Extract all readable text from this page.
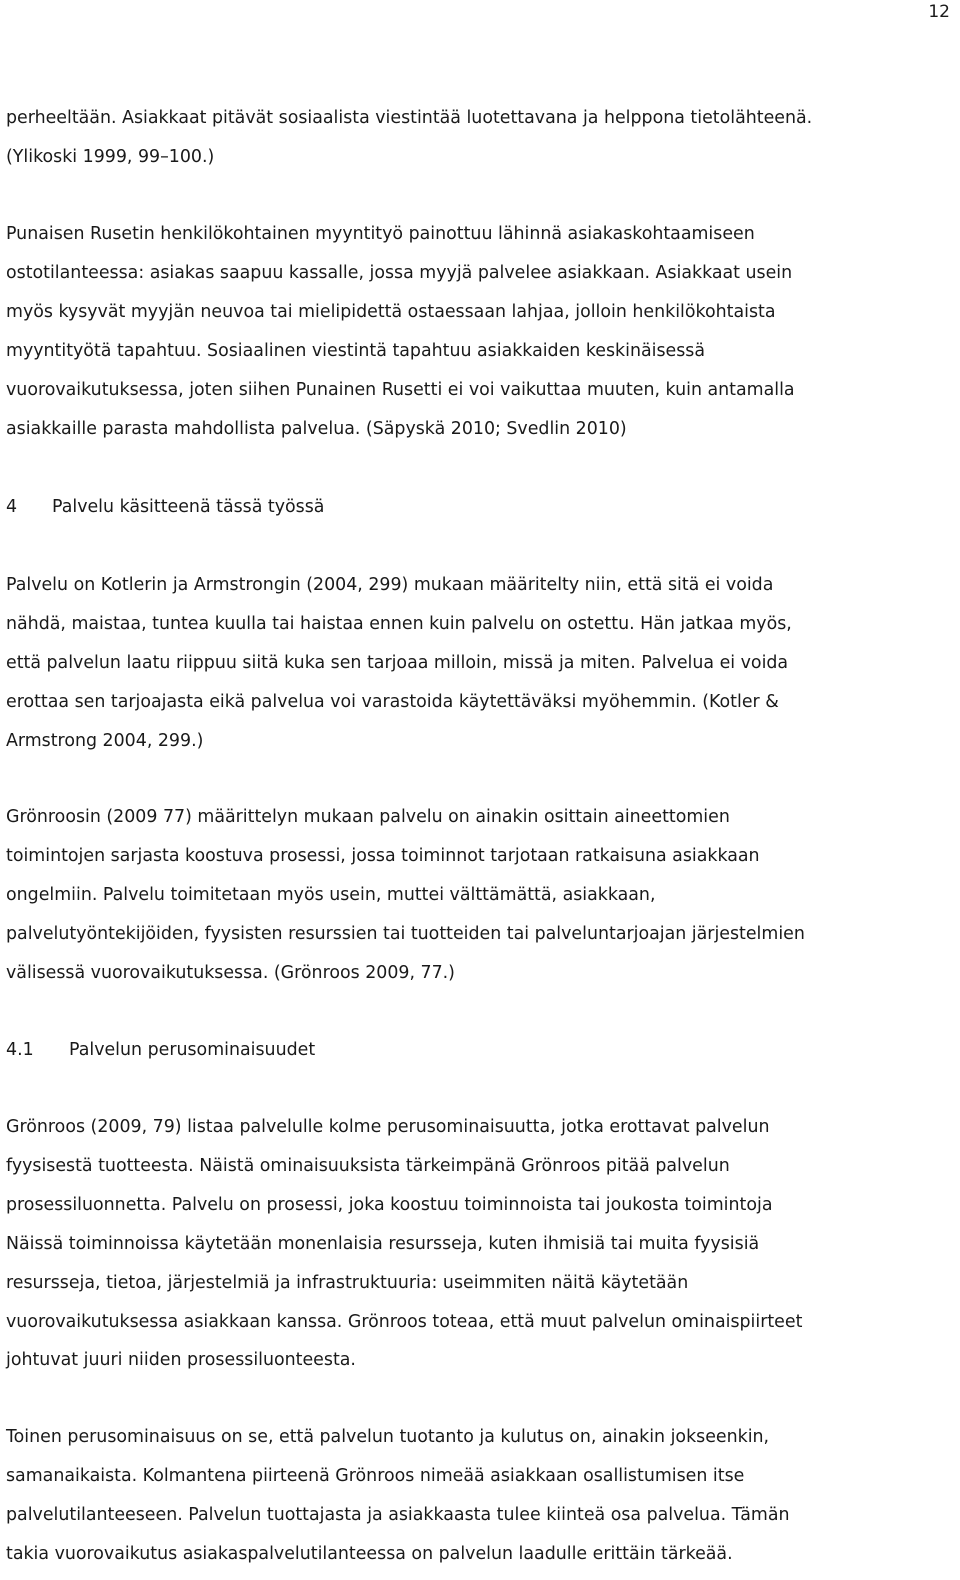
12

perheeltään. Asiakkaat pitävät sosiaalista viestintää luotettavana ja helppona tietolähteenä.
(Ylikoski 1999, 99–100.)

Punaisen Rusetin henkilökohtainen myyntityö painottuu lähinnä asiakaskohtaamiseen
ostotilanteessa: asiakas saapuu kassalle, jossa myyjä palvelee asiakkaan. Asiakkaat usein
myös kysyvät myyjän neuvoa tai mielipidettä ostaessaan lahjaa, jolloin henkilökohtaista
myyntityötä tapahtuu. Sosiaalinen viestintä tapahtuu asiakkaiden keskinäisessä
vuorovaikutuksessa, joten siihen Punainen Rusetti ei voi vaikuttaa muuten, kuin antamalla
asiakkaille parasta mahdollista palvelua. (Säpyskä 2010; Svedlin 2010)

4 Palvelu käsitteenä tässä työssä

Palvelu on Kotlerin ja Armstrongin (2004, 299) mukaan määritelty niin, että sitä ei voida
nähdä, maistaa, tuntea kuulla tai haistaa ennen kuin palvelu on ostettu. Hän jatkaa myös,
että palvelun laatu riippuu siitä kuka sen tarjoaa milloin, missä ja miten. Palvelua ei voida
erottaa sen tarjoajasta eikä palvelua voi varastoida käytettäväksi myöhemmin. (Kotler &
Armstrong 2004, 299.)

Grönroosin (2009 77) määrittelyn mukaan palvelu on ainakin osittain aineettomien
toimintojen sarjasta koostuva prosessi, jossa toiminnot tarjotaan ratkaisuna asiakkaan
ongelmiin. Palvelu toimitetaan myös usein, muttei välttämättä, asiakkaan,
palvelutyöntekijöiden, fyysisten resurssien tai tuotteiden tai palveluntarjoajan järjestelmien
välisessä vuorovaikutuksessa. (Grönroos 2009, 77.)

4.1 Palvelun perusominaisuudet

Grönroos (2009, 79) listaa palvelulle kolme perusominaisuutta, jotka erottavat palvelun
fyysisestä tuotteesta. Näistä ominaisuuksista tärkeimpänä Grönroos pitää palvelun
prosessiluonnetta. Palvelu on prosessi, joka koostuu toiminnoista tai joukosta toimintoja
Näissä toiminnoissa käytetään monenlaisia resursseja, kuten ihmisiä tai muita fyysisiä
resursseja, tietoa, järjestelmiä ja infrastruktuuria: useimmiten näitä käytetään
vuorovaikutuksessa asiakkaan kanssa. Grönroos toteaa, että muut palvelun ominaispiirteet
johtuvat juuri niiden prosessiluonteesta.

Toinen perusominaisuus on se, että palvelun tuotanto ja kulutus on, ainakin jokseenkin,
samanaikaista. Kolmantena piirteenä Grönroos nimeää asiakkaan osallistumisen itse
palvelutilanteeseen. Palvelun tuottajasta ja asiakkaasta tulee kiinteä osa palvelua. Tämän
takia vuorovaikutus asiakaspalvelutilanteessa on palvelun laadulle erittäin tärkeää.
